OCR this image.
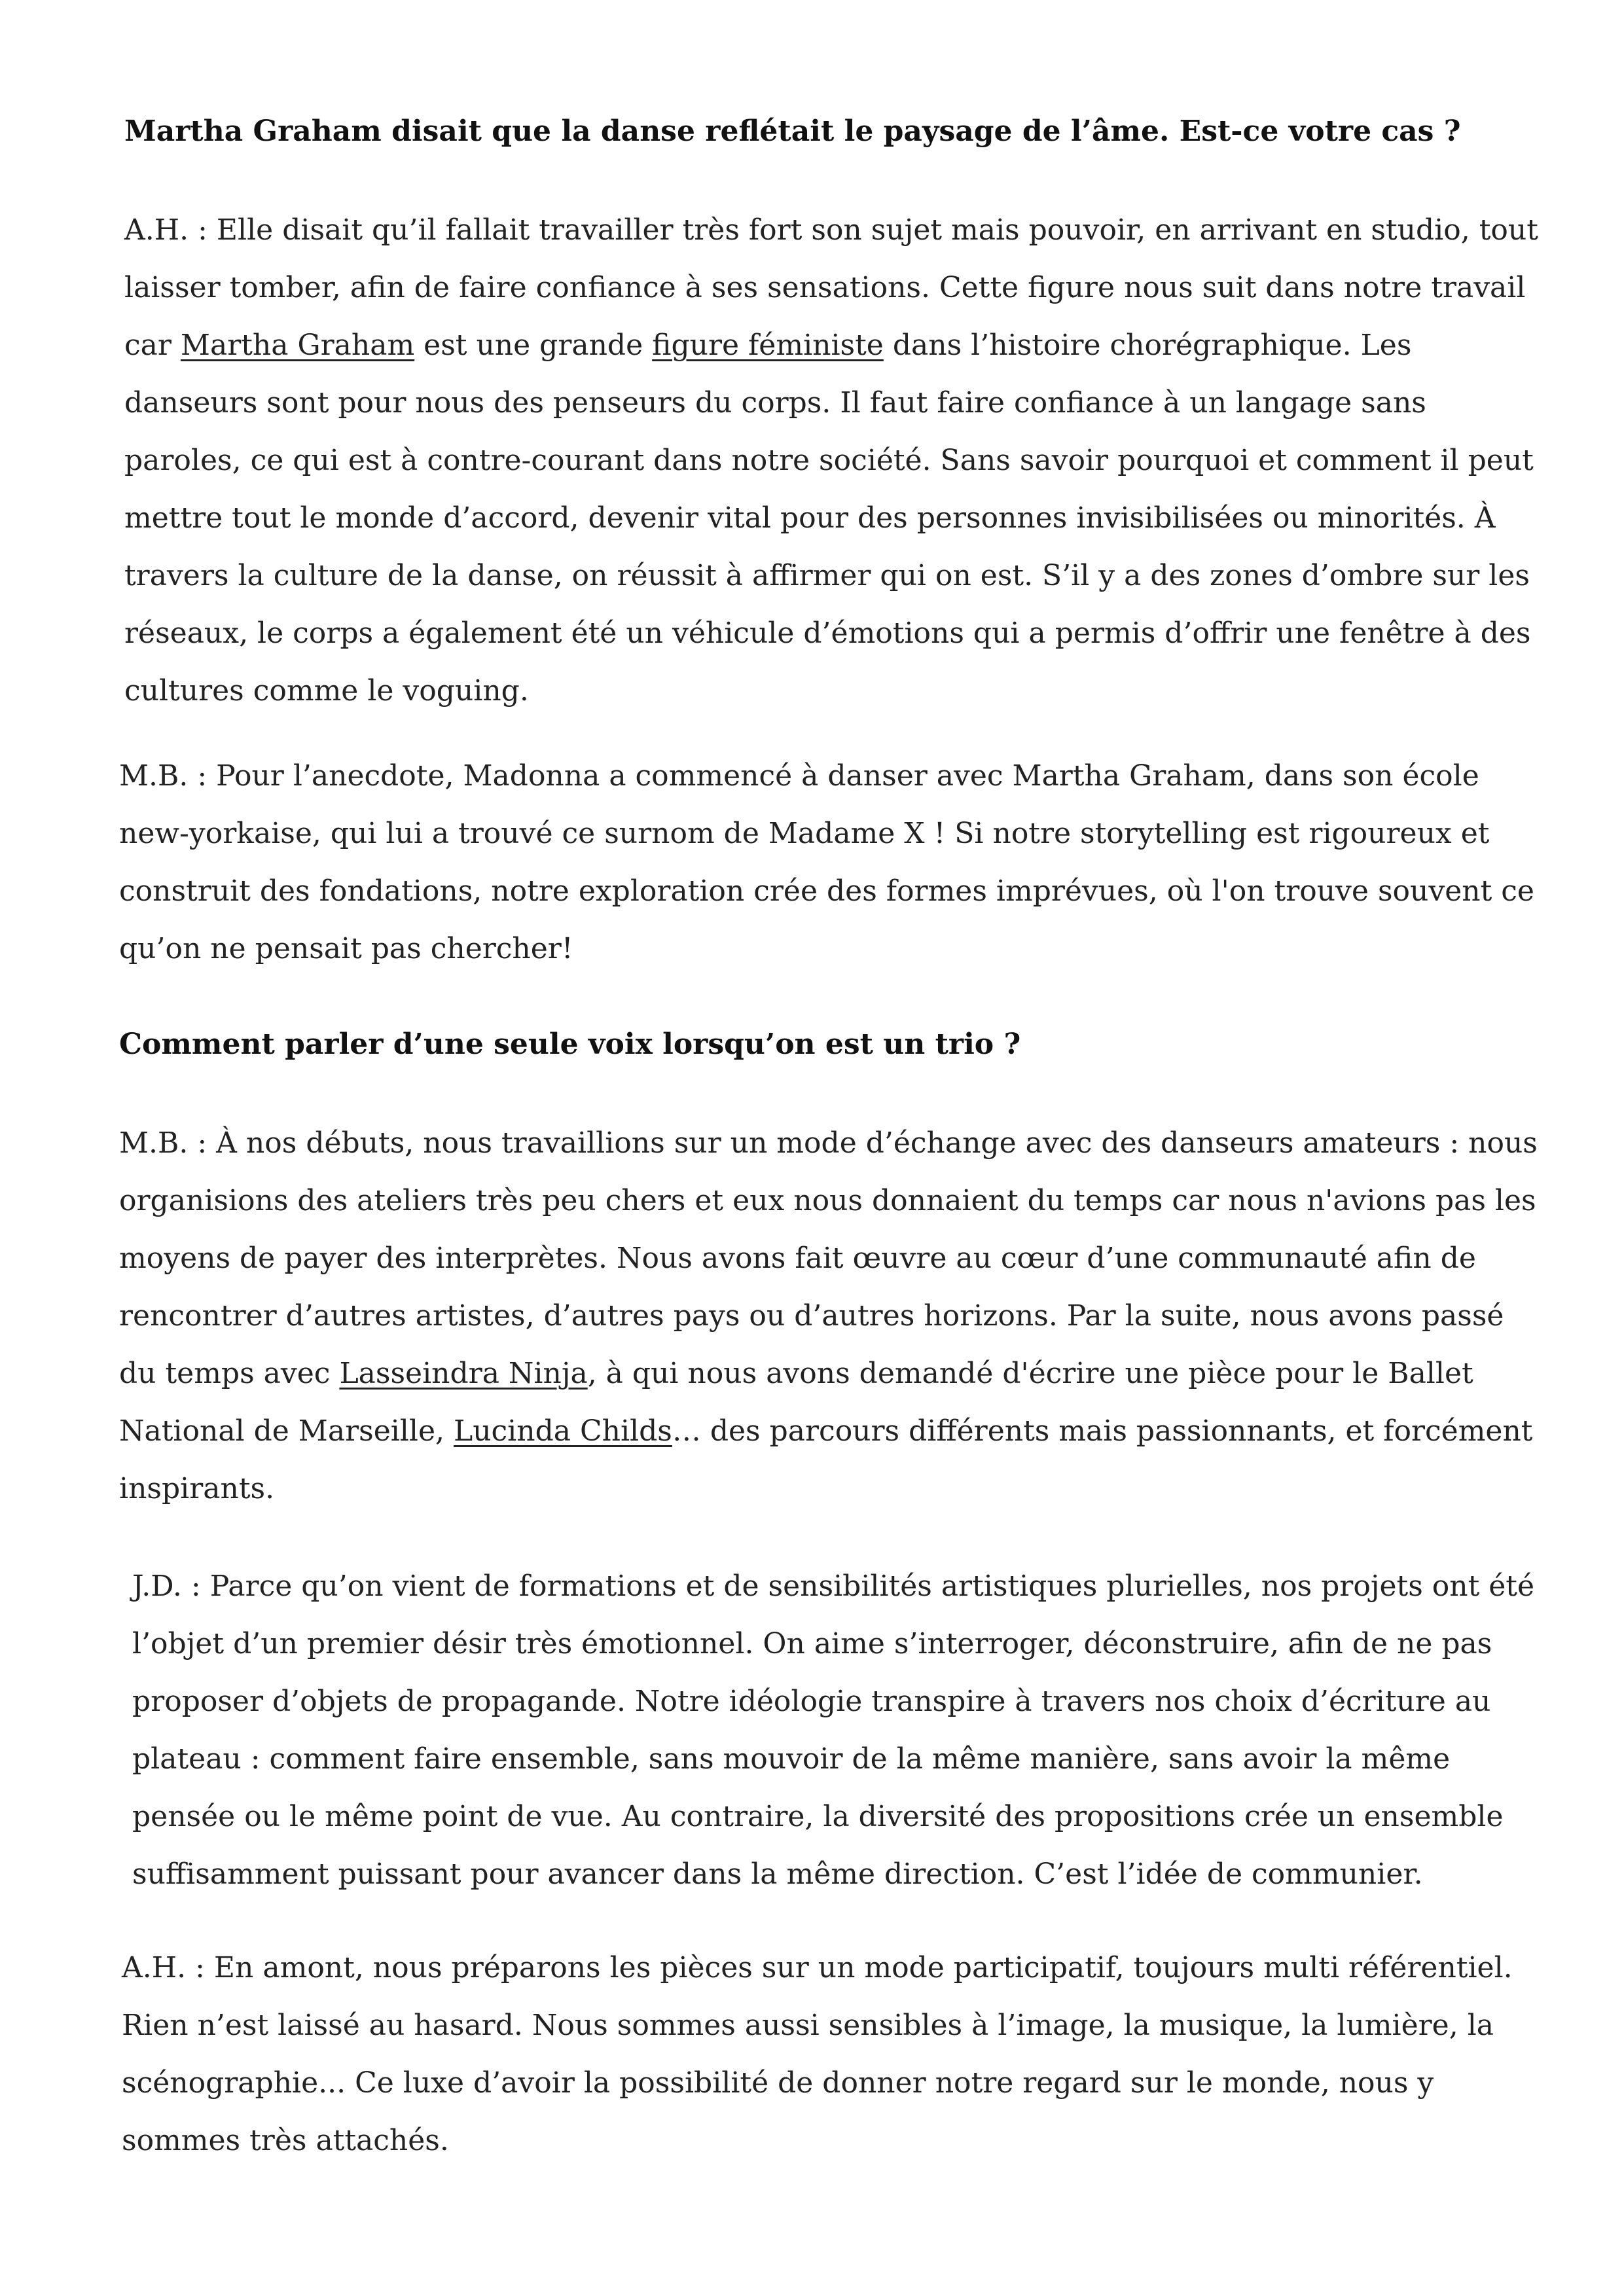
Martha Graham disait que la danse reflétait le paysage de l’âme. Est-ce votre cas ?

A.H. : Elle disait qu’il fallait travailler très fort son sujet mais pouvoir, en arrivant en studio, tout laisser tomber, afin de faire confiance à ses sensations. Cette figure nous suit dans notre travail car Martha Graham est une grande figure féministe dans l’histoire chorégraphique. Les danseurs sont pour nous des penseurs du corps. Il faut faire confiance à un langage sans paroles, ce qui est à contre-courant dans notre société. Sans savoir pourquoi et comment il peut mettre tout le monde d’accord, devenir vital pour des personnes invisibilisées ou minorités. À travers la culture de la danse, on réussit à affirmer qui on est. S’il y a des zones d’ombre sur les réseaux, le corps a également été un véhicule d’émotions qui a permis d’offrir une fenêtre à des cultures comme le voguing.

M.B. : Pour l’anecdote, Madonna a commencé à danser avec Martha Graham, dans son école new-yorkaise, qui lui a trouvé ce surnom de Madame X ! Si notre storytelling est rigoureux et construit des fondations, notre exploration crée des formes imprévues, où l'on trouve souvent ce qu’on ne pensait pas chercher!

Comment parler d’une seule voix lorsqu’on est un trio ?

M.B. : À nos débuts, nous travaillions sur un mode d’échange avec des danseurs amateurs : nous organisions des ateliers très peu chers et eux nous donnaient du temps car nous n'avions pas les moyens de payer des interprètes. Nous avons fait œuvre au cœur d’une communauté afin de rencontrer d’autres artistes, d’autres pays ou d’autres horizons. Par la suite, nous avons passé du temps avec Lasseindra Ninja, à qui nous avons demandé d'écrire une pièce pour le Ballet National de Marseille, Lucinda Childs… des parcours différents mais passionnants, et forcément inspirants.

J.D. : Parce qu’on vient de formations et de sensibilités artistiques plurielles, nos projets ont été l’objet d’un premier désir très émotionnel. On aime s’interroger, déconstruire, afin de ne pas proposer d’objets de propagande. Notre idéologie transpire à travers nos choix d’écriture au plateau : comment faire ensemble, sans mouvoir de la même manière, sans avoir la même pensée ou le même point de vue. Au contraire, la diversité des propositions crée un ensemble suffisamment puissant pour avancer dans la même direction. C’est l’idée de communier.

A.H. : En amont, nous préparons les pièces sur un mode participatif, toujours multi référentiel. Rien n’est laissé au hasard. Nous sommes aussi sensibles à l’image, la musique, la lumière, la scénographie... Ce luxe d’avoir la possibilité de donner notre regard sur le monde, nous y sommes très attachés.
